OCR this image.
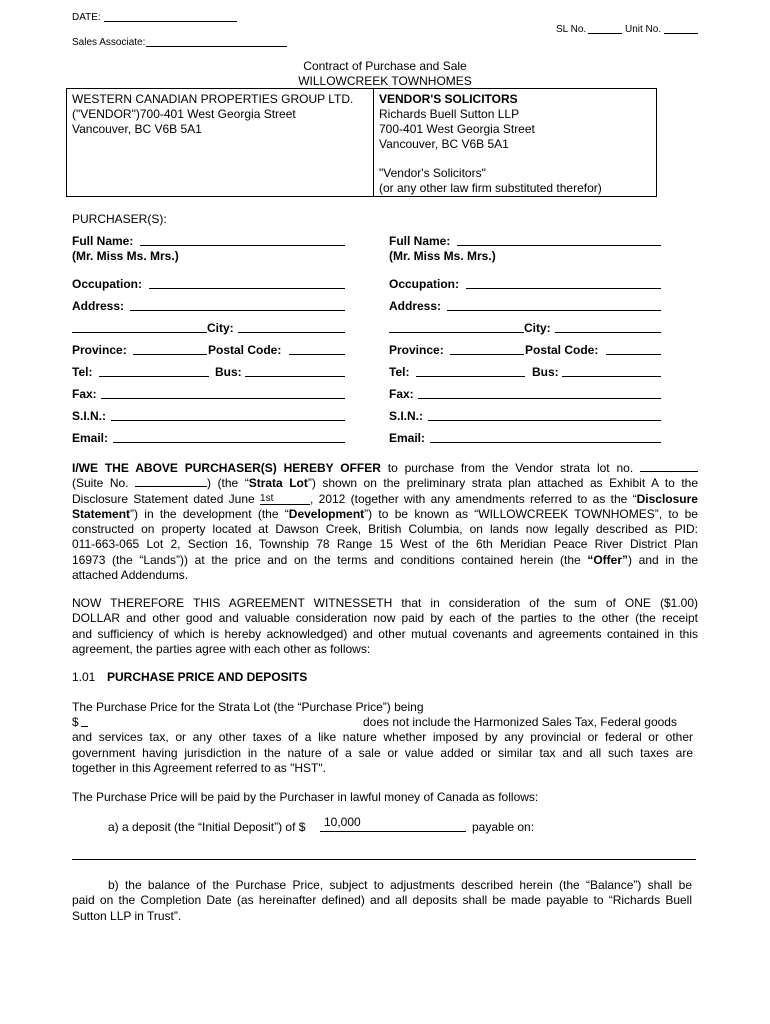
DATE:
SL No.	Unit No.
Sales Associate:
Contract of Purchase and Sale
WILLOWCREEK TOWNHOMES
WESTERN CANADIAN PROPERTIES GROUP LTD.
("VENDOR")700-401 West Georgia Street
Vancouver, BC V6B 5A1
VENDOR'S SOLICITORS
Richards Buell Sutton LLP
700-401 West Georgia Street
Vancouver, BC V6B 5A1
"Vendor's Solicitors"
(or any other law firm substituted therefor)
PURCHASER(S):
Full Name:
(Mr. Miss Ms. Mrs.)
Occupation:
Address:
City:
Province:	Postal Code:
Tel:	Bus:
Fax:
S.I.N.:
Email:
Full Name:
(Mr. Miss Ms. Mrs.)
Occupation:
Address:
City:
Province:	Postal Code:
Tel:	Bus:
Fax:
S.I.N.:
Email:
I/WE THE ABOVE PURCHASER(S) HEREBY OFFER to purchase from the Vendor strata lot no.
(Suite No.	) (the “Strata Lot”) shown on the preliminary strata plan attached as Exhibit A to the
Disclosure Statement dated June 1st	, 2012 (together with any amendments referred to as the “Disclosure
Statement”) in the development (the “Development”) to be known as “WILLOWCREEK TOWNHOMES”, to be
constructed on property located at Dawson Creek, British Columbia, on lands now legally described as PID:
011-663-065 Lot 2, Section 16, Township 78 Range 15 West of the 6th Meridian Peace River District Plan
16973 (the “Lands”)) at the price and on the terms and conditions contained herein (the “Offer”) and in the
attached Addendums.
NOW THEREFORE THIS AGREEMENT WITNESSETH that in consideration of the sum of ONE ($1.00)
DOLLAR and other good and valuable consideration now paid by each of the parties to the other (the receipt
and sufficiency of which is hereby acknowledged) and other mutual covenants and agreements contained in this
agreement, the parties agree with each other as follows:
1.01 PURCHASE PRICE AND DEPOSITS
The Purchase Price for the Strata Lot (the “Purchase Price”) being
$	does not include the Harmonized Sales Tax, Federal goods
and services tax, or any other taxes of a like nature whether imposed by any provincial or federal or other
government having jurisdiction in the nature of a sale or value added or similar tax and all such taxes are
together in this Agreement referred to as "HST".
The Purchase Price will be paid by the Purchaser in lawful money of Canada as follows:
a) a deposit (the “Initial Deposit”) of $ 10,000	payable on:
b) the balance of the Purchase Price, subject to adjustments described herein (the “Balance”) shall be
paid on the Completion Date (as hereinafter defined) and all deposits shall be made payable to “Richards Buell
Sutton LLP in Trust”.
